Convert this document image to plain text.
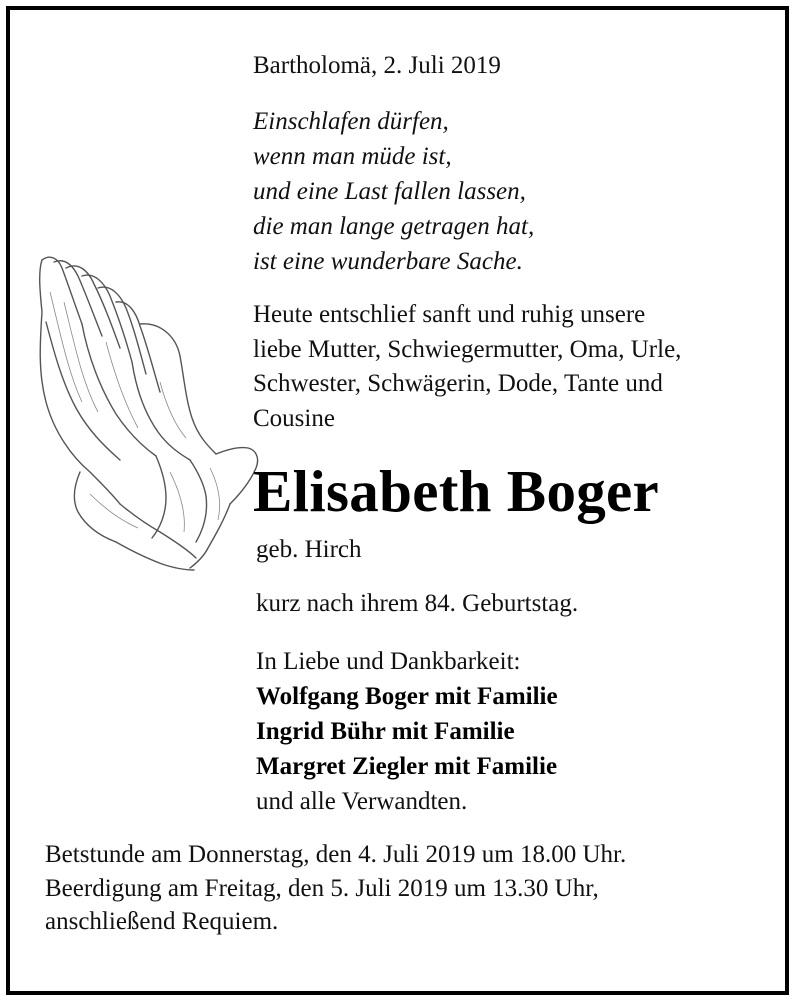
Bartholomä, 2. Juli 2019
Einschlafen dürfen,
wenn man müde ist,
und eine Last fallen lassen,
die man lange getragen hat,
ist eine wunderbare Sache.
Heute entschlief sanft und ruhig unsere
liebe Mutter, Schwiegermutter, Oma, Urle,
Schwester, Schwägerin, Dode, Tante und
Cousine
Elisabeth Boger
geb. Hirch
kurz nach ihrem 84. Geburtstag.
In Liebe und Dankbarkeit:
Wolfgang Boger mit Familie
Ingrid Bühr mit Familie
Margret Ziegler mit Familie
und alle Verwandten.
Betstunde am Donnerstag, den 4. Juli 2019 um 18.00 Uhr.
Beerdigung am Freitag, den 5. Juli 2019 um 13.30 Uhr,
anschließend Requiem.
